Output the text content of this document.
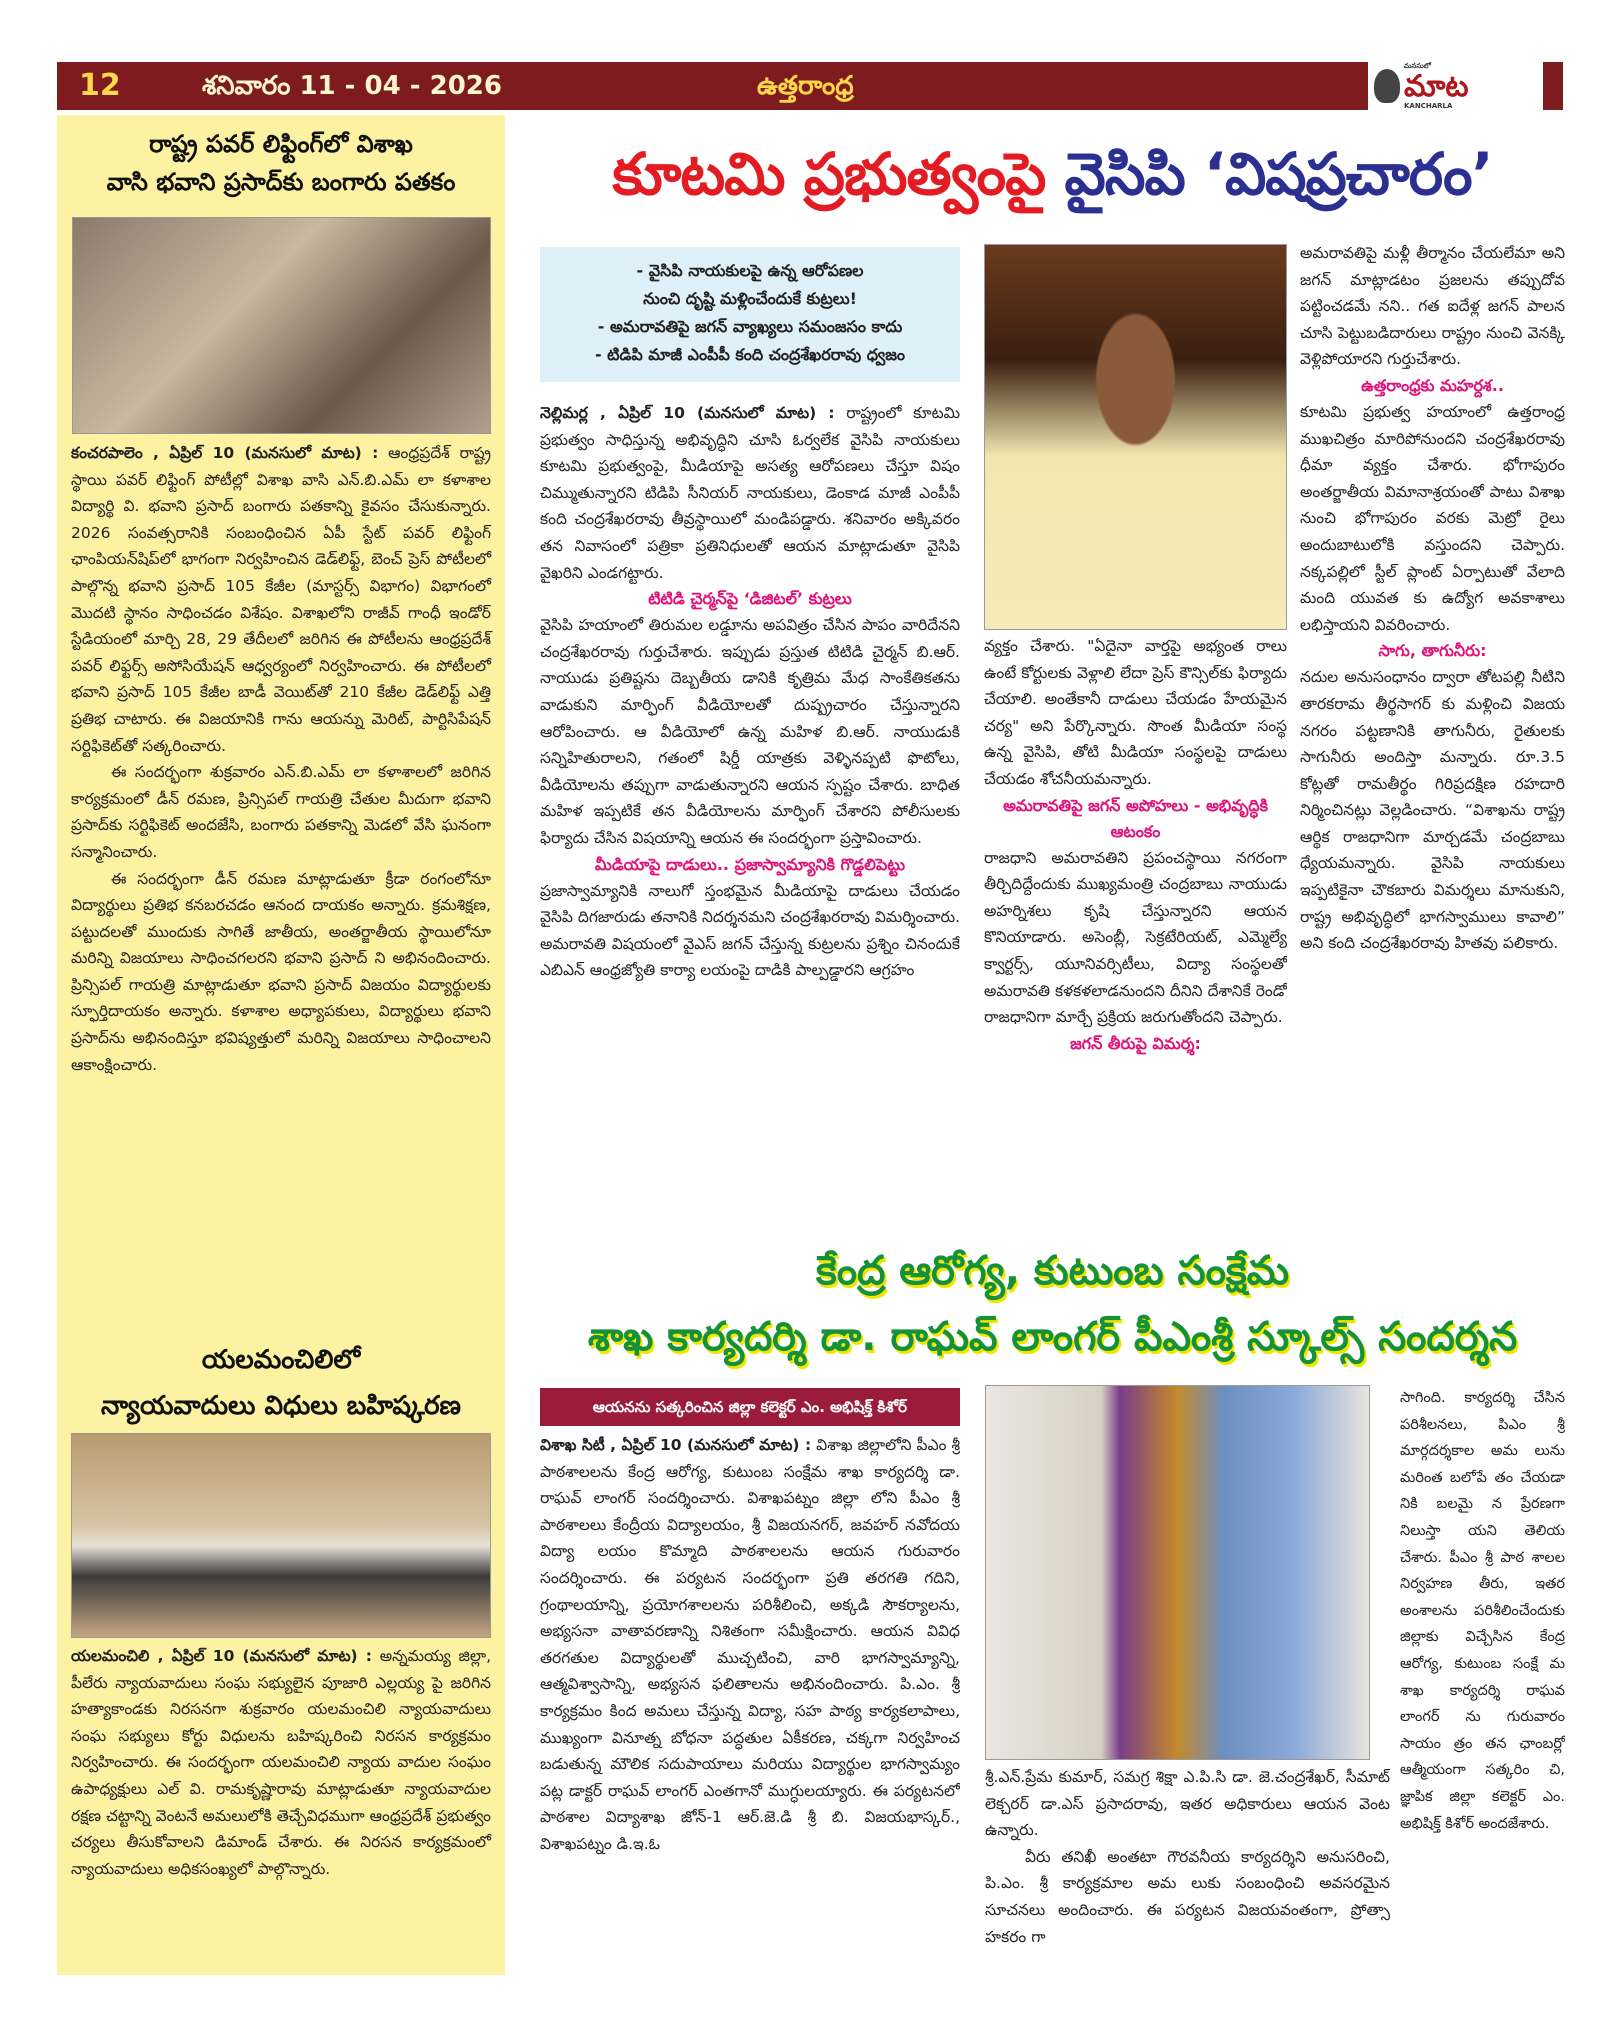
12	శనివారం 11 - 04 - 2026	ఉత్తరాంధ్ర
మనసులో
మాట
KANCHARLA
రాష్ట్ర పవర్ లిఫ్టింగ్‌లో విశాఖ
వాసి భవాని ప్రసాద్‌కు బంగారు పతకం

కంచరపాలెం , ఏప్రిల్ 10 (మనసులో మాట) : ఆంధ్రప్రదేశ్ రాష్ట్ర స్థాయి పవర్ లిఫ్టింగ్ పోటీల్లో విశాఖ వాసి ఎన్.బి.ఎమ్ లా కళాశాల విద్యార్థి వి. భవాని ప్రసాద్ బంగారు పతకాన్ని కైవసం చేసుకున్నారు. 2026 సంవత్సరానికి సంబంధించిన ఏపీ స్టేట్ పవర్ లిఫ్టింగ్ ఛాంపియన్‌షిప్‌లో భాగంగా నిర్వహించిన డెడ్‌లిఫ్ట్, బెంచ్ ప్రెస్ పోటీలలో పాల్గొన్న భవాని ప్రసాద్ 105 కేజీల (మాస్టర్స్ విభాగం) విభాగంలో మొదటి స్థానం సాధించడం విశేషం. విశాఖలోని రాజీవ్ గాంధీ ఇండోర్ స్టేడియంలో మార్చి 28, 29 తేదీలలో జరిగిన ఈ పోటీలను ఆంధ్రప్రదేశ్ పవర్ లిఫ్టర్స్ అసోసియేషన్ ఆధ్వర్యంలో నిర్వహించారు. ఈ పోటీలలో భవాని ప్రసాద్ 105 కేజీల బాడీ వెయిట్‌తో 210 కేజీల డెడ్‌లిఫ్ట్ ఎత్తి ప్రతిభ చాటారు. ఈ విజయానికి గాను ఆయన్ను మెరిట్, పార్టిసిపేషన్ సర్టిఫికెట్‌తో సత్కరించారు.

ఈ సందర్భంగా శుక్రవారం ఎన్.బి.ఎమ్ లా కళాశాలలో జరిగిన కార్యక్రమంలో డీన్ రమణ, ప్రిన్సిపల్ గాయత్రి చేతుల మీదుగా భవాని ప్రసాద్‌కు సర్టిఫికెట్ అందజేసి, బంగారు పతకాన్ని మెడలో వేసి ఘనంగా సన్మానించారు.

ఈ సందర్భంగా డీన్ రమణ మాట్లాడుతూ క్రీడా రంగంలోనూ విద్యార్థులు ప్రతిభ కనబరచడం ఆనంద దాయకం అన్నారు. క్రమశిక్షణ, పట్టుదలతో ముందుకు సాగితే జాతీయ, అంతర్జాతీయ స్థాయిలోనూ మరిన్ని విజయాలు సాధించగలరని భవాని ప్రసాద్ ని అభినందించారు. ప్రిన్సిపల్ గాయత్రి మాట్లాడుతూ భవాని ప్రసాద్ విజయం విద్యార్థులకు స్ఫూర్తిదాయకం అన్నారు. కళాశాల అధ్యాపకులు, విద్యార్థులు భవాని ప్రసాద్‌ను అభినందిస్తూ భవిష్యత్తులో మరిన్ని విజయాలు సాధించాలని ఆకాంక్షించారు.

యలమంచిలిలో
న్యాయవాదులు విధులు బహిష్కరణ

యలమంచిలి , ఏప్రిల్ 10 (మనసులో మాట) : అన్నమయ్య జిల్లా, పీలేరు న్యాయవాదులు సంఘ సభ్యులైన పూజారి ఎల్లయ్య పై జరిగిన హత్యాకాండకు నిరసనగా శుక్రవారం యలమంచిలి న్యాయవాదులు సంఘ సభ్యులు కోర్టు విధులను బహిష్కరించి నిరసన కార్యక్రమం నిర్వహించారు. ఈ సందర్భంగా యలమంచిలి న్యాయ వాదుల సంఘం ఉపాధ్యక్షులు ఎల్ వి. రామకృష్ణారావు మాట్లాడుతూ న్యాయవాదుల రక్షణ చట్టాన్ని వెంటనే అమలులోకి తెచ్చేవిధముగా ఆంధ్రప్రదేశ్ ప్రభుత్వం చర్యలు తీసుకోవాలని డిమాండ్ చేశారు. ఈ నిరసన కార్యక్రమంలో న్యాయవాదులు అధికసంఖ్యలో పాల్గొన్నారు.

కూటమి ప్రభుత్వంపై వైసిపి ‘విషప్రచారం’
- వైసిపి నాయకులపై ఉన్న ఆరోపణల
నుంచి దృష్టి మళ్లించేందుకే కుట్రలు!
- అమరావతిపై జగన్ వ్యాఖ్యలు సమంజసం కాదు
- టిడిపి మాజీ ఎంపీపీ కంది చంద్రశేఖరరావు ధ్వజం

నెల్లిమర్ల , ఏప్రిల్ 10 (మనసులో మాట) : రాష్ట్రంలో కూటమి ప్రభుత్వం సాధిస్తున్న అభివృద్ధిని చూసి ఓర్వలేక వైసిపి నాయకులు కూటమి ప్రభుత్వంపై, మీడియాపై అసత్య ఆరోపణలు చేస్తూ విషం చిమ్ముతున్నారని టిడిపి సీనియర్ నాయకులు, డెంకాడ మాజీ ఎంపీపీ కంది చంద్రశేఖరరావు తీవ్రస్థాయిలో మండిపడ్డారు. శనివారం అక్కివరం తన నివాసంలో పత్రికా ప్రతినిధులతో ఆయన మాట్లాడుతూ వైసిపి వైఖరిని ఎండగట్టారు.

టిటిడి చైర్మన్‌పై ‘డిజిటల్’ కుట్రలు

వైసిపి హయాంలో తిరుమల లడ్డూను అపవిత్రం చేసిన పాపం వారిదేనని చంద్రశేఖరరావు గుర్తుచేశారు. ఇప్పుడు ప్రస్తుత టిటిడి చైర్మన్ బి.ఆర్. నాయుడు ప్రతిష్టను దెబ్బతీయ డానికి కృత్రిమ మేధ సాంకేతికతను వాడుకుని మార్ఫింగ్ వీడియోలతో దుష్ప్రచారం చేస్తున్నారని ఆరోపించారు. ఆ వీడియోలో ఉన్న మహిళ బి.ఆర్. నాయుడుకి సన్నిహితురాలని, గతంలో షిర్డీ యాత్రకు వెళ్ళినప్పటి ఫొటోలు, వీడియోలను తప్పుగా వాడుతున్నారని ఆయన స్పష్టం చేశారు. బాధిత మహిళ ఇప్పటికే తన వీడియోలను మార్ఫింగ్ చేశారని పోలీసులకు ఫిర్యాదు చేసిన విషయాన్ని ఆయన ఈ సందర్భంగా ప్రస్తావించారు.

మీడియాపై దాడులు.. ప్రజాస్వామ్యానికి గొడ్డలిపెట్టు

ప్రజాస్వామ్యానికి నాలుగో స్తంభమైన మీడియాపై దాడులు చేయడం వైసిపి దిగజారుడు తనానికి నిదర్శనమని చంద్రశేఖరరావు విమర్శించారు. అమరావతి విషయంలో వైఎస్ జగన్ చేస్తున్న కుట్రలను ప్రశ్నిం చినందుకే ఎబిఎన్ ఆంధ్రజ్యోతి కార్యా లయంపై దాడికి పాల్పడ్డారని ఆగ్రహం

వ్యక్తం చేశారు. "ఏదైనా వార్తపై అభ్యంత రాలు ఉంటే కోర్టులకు వెళ్లాలి లేదా ప్రెస్ కౌన్సిల్‌కు ఫిర్యాదు చేయాలి. అంతేకానీ దాడులు చేయడం హేయమైన చర్య" అని పేర్కొన్నారు. సొంత మీడియా సంస్థ ఉన్న వైసిపి, తోటి మీడియా సంస్థలపై దాడులు చేయడం శోచనీయమన్నారు.

అమరావతిపై జగన్ అపోహలు - అభివృద్ధికి ఆటంకం

రాజధాని అమరావతిని ప్రపంచస్థాయి నగరంగా తీర్చిదిద్దేందుకు ముఖ్యమంత్రి చంద్రబాబు నాయుడు అహర్నిశలు కృషి చేస్తున్నారని ఆయన కొనియాడారు. అసెంబ్లీ, సెక్రటేరియట్, ఎమ్మెల్యే క్వార్టర్స్, యూనివర్సిటీలు, విద్యా సంస్థలతో అమరావతి కళకళలాడనుందని దీనిని దేశానికే రెండో రాజధానిగా మార్చే ప్రక్రియ జరుగుతోందని చెప్పారు.

జగన్ తీరుపై విమర్శ:

అమరావతిపై మళ్లీ తీర్మానం చేయలేమా అని జగన్ మాట్లాడటం ప్రజలను తప్పుదోవ పట్టించడమే నని.. గత ఐదేళ్ల జగన్ పాలన చూసి పెట్టుబడిదారులు రాష్ట్రం నుంచి వెనక్కి వెళ్లిపోయారని గుర్తుచేశారు.

ఉత్తరాంధ్రకు మహర్దశ..

కూటమి ప్రభుత్వ హయాంలో ఉత్తరాంధ్ర ముఖచిత్రం మారిపోనుందని చంద్రశేఖరరావు ధీమా వ్యక్తం చేశారు. భోగాపురం అంతర్జాతీయ విమానాశ్రయంతో పాటు విశాఖ నుంచి భోగాపురం వరకు మెట్రో రైలు అందుబాటులోకి వస్తుందని చెప్పారు. నక్కపల్లిలో స్టీల్ ప్లాంట్ ఏర్పాటుతో వేలాది మంది యువత కు ఉద్యోగ అవకాశాలు లభిస్తాయని వివరించారు.

సాగు, తాగునీరు:

నదుల అనుసంధానం ద్వారా తోటపల్లి నీటిని తారకరామ తీర్థసాగర్ కు మళ్లించి విజయ నగరం పట్టణానికి తాగునీరు, రైతులకు సాగునీరు అందిస్తా మన్నారు. రూ.3.5 కోట్లతో రామతీర్థం గిరిప్రదక్షిణ రహదారి నిర్మించినట్లు వెల్లడించారు. “విశాఖను రాష్ట్ర ఆర్థిక రాజధానిగా మార్చడమే చంద్రబాబు ధ్యేయమన్నారు. వైసిపి నాయకులు ఇప్పటికైనా చౌకబారు విమర్శలు మానుకుని, రాష్ట్ర అభివృద్ధిలో భాగస్వాములు కావాలి” అని కంది చంద్రశేఖరరావు హితవు పలికారు.

కేంద్ర ఆరోగ్య, కుటుంబ సంక్షేమ
శాఖ కార్యదర్శి డా. రాఘవ్ లాంగర్ పీఎంశ్రీ స్కూల్స్ సందర్శన
ఆయనను సత్కరించిన జిల్లా కలెక్టర్ ఎం. అభిషిక్త్ కిశోర్

విశాఖ సిటీ , ఏప్రిల్ 10 (మనసులో మాట) : విశాఖ జిల్లాలోని పీఎం శ్రీ పాఠశాలలను కేంద్ర ఆరోగ్య, కుటుంబ సంక్షేమ శాఖ కార్యదర్శి డా. రాఘవ్ లాంగర్ సందర్శించారు. విశాఖపట్నం జిల్లా లోని పీఎం శ్రీ పాఠశాలలు కేంద్రీయ విద్యాలయం, శ్రీ విజయనగర్, జవహర్ నవోదయ విద్యా లయం కొమ్మాది పాఠశాలలను ఆయన గురువారం సందర్శించారు. ఈ పర్యటన సందర్భంగా ప్రతి తరగతి గదిని, గ్రంథాలయాన్ని, ప్రయోగశాలలను పరిశీలించి, అక్కడి సౌకర్యాలను, అభ్యసనా వాతావరణాన్ని నిశితంగా సమీక్షించారు. ఆయన వివిధ తరగతుల విద్యార్థులతో ముచ్చటించి, వారి భాగస్వామ్యాన్ని, ఆత్మవిశ్వాసాన్ని, అభ్యసన ఫలితాలను అభినందించారు. పి.ఎం. శ్రీ కార్యక్రమం కింద అమలు చేస్తున్న విద్యా, సహ పాఠ్య కార్యకలాపాలు, ముఖ్యంగా వినూత్న బోధనా పద్ధతుల ఏకీకరణ, చక్కగా నిర్వహించ బడుతున్న మౌలిక సదుపాయాలు మరియు విద్యార్థుల భాగస్వామ్యం పట్ల డాక్టర్ రాఘవ్ లాంగర్ ఎంతగానో ముగ్ధులయ్యారు. ఈ పర్యటనలో పాఠశాల విద్యాశాఖ జోన్-1 ఆర్.జె.డి శ్రీ బి. విజయభాస్కర్., విశాఖపట్నం డి.ఇ.ఓ

శ్రీ.ఎన్.ప్రేమ కుమార్, సమగ్ర శిక్షా ఎ.పి.సి డా. జె.చంద్రశేఖర్, సీమాట్ లెక్చరర్ డా.ఎస్ ప్రసాదరావు, ఇతర అధికారులు ఆయన వెంట ఉన్నారు.

వీరు తనిఖీ అంతటా గౌరవనీయ కార్యదర్శిని అనుసరించి, పి.ఎం. శ్రీ కార్యక్రమాల అమ లుకు సంబంధించి అవసరమైన సూచనలు అందించారు. ఈ పర్యటన విజయవంతంగా, ప్రోత్సా హకరం గా

సాగింది. కార్యదర్శి చేసిన పరిశీలనలు, పిఎం శ్రీ మార్గదర్శకాల అమ లును మరింత బలోపే తం చేయడా నికి బలమై న ప్రేరణగా నిలుస్తా యని తెలియ చేశారు. పీఎం శ్రీ పాఠ శాలల నిర్వహణ తీరు, ఇతర అంశాలను పరిశీలించేందుకు జిల్లాకు విచ్చేసిన కేంద్ర ఆరోగ్య, కుటుంబ సంక్షే మ శాఖ కార్యదర్శి రాఘవ లాంగర్ ను గురువారం సాయం త్రం తన ఛాంబర్లో ఆత్మీయంగా సత్కరిం చి, జ్ఞాపిక జిల్లా కలెక్టర్ ఎం. అభిషిక్త్ కిశోర్ అందజేశారు.
